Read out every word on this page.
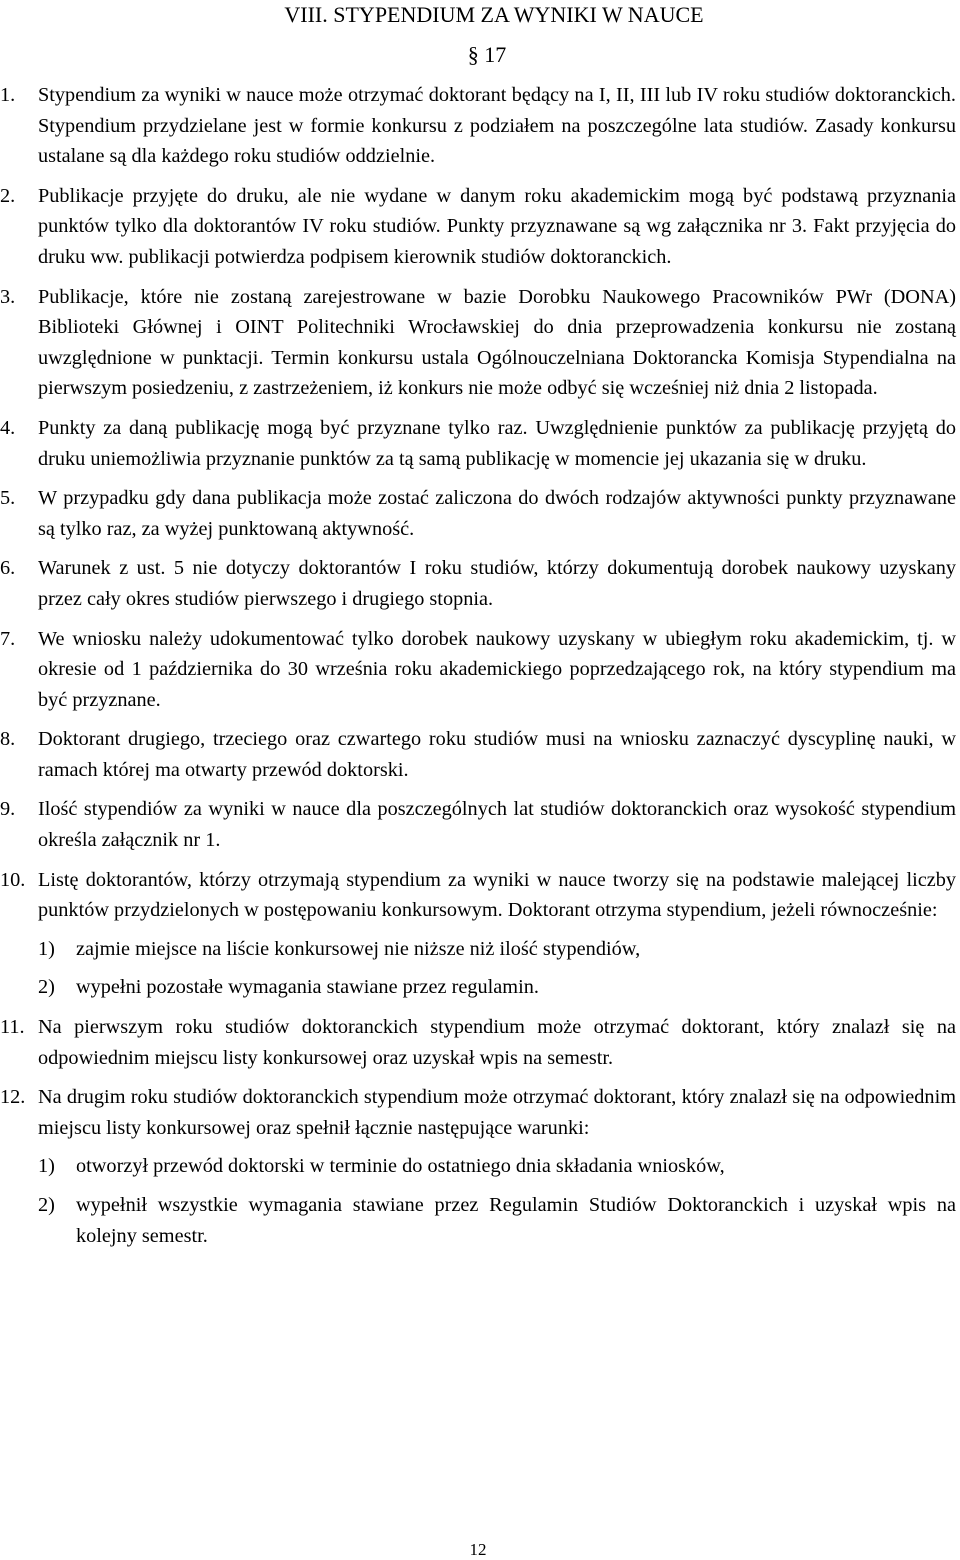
VIII. STYPENDIUM ZA WYNIKI W NAUCE
§ 17
1.	Stypendium za wyniki w nauce może otrzymać doktorant będący na I, II, III lub IV roku studiów doktoranckich. Stypendium przydzielane jest w formie konkursu z podziałem na poszczególne lata studiów. Zasady konkursu ustalane są dla każdego roku studiów oddzielnie.
2.	Publikacje przyjęte do druku, ale nie wydane w danym roku akademickim mogą być podstawą przyznania punktów tylko dla doktorantów IV roku studiów. Punkty przyznawane są wg załącznika nr 3. Fakt przyjęcia do druku ww. publikacji potwierdza podpisem kierownik studiów doktoranckich.
3.	Publikacje, które nie zostaną zarejestrowane w bazie Dorobku Naukowego Pracowników PWr (DONA) Biblioteki Głównej i OINT Politechniki Wrocławskiej do dnia przeprowadzenia konkursu nie zostaną uwzględnione w punktacji. Termin konkursu ustala Ogólnouczelniana Doktorancka Komisja Stypendialna na pierwszym posiedzeniu, z zastrzeżeniem, iż konkurs nie może odbyć się wcześniej niż dnia 2 listopada.
4.	Punkty za daną publikację mogą być przyznane tylko raz. Uwzględnienie punktów za publikację przyjętą do druku uniemożliwia przyznanie punktów za tą samą publikację w momencie jej ukazania się w druku.
5.	W przypadku gdy dana publikacja może zostać zaliczona do dwóch rodzajów aktywności punkty przyznawane są tylko raz, za wyżej punktowaną aktywność.
6.	Warunek z ust. 5 nie dotyczy doktorantów I roku studiów, którzy dokumentują dorobek naukowy uzyskany przez cały okres studiów pierwszego i drugiego stopnia.
7.	We wniosku należy udokumentować tylko dorobek naukowy uzyskany w ubiegłym roku akademickim, tj. w okresie od 1 października do 30 września roku akademickiego poprzedzającego rok, na który stypendium ma być przyznane.
8.	Doktorant drugiego, trzeciego oraz czwartego roku studiów musi na wniosku zaznaczyć dyscyplinę nauki, w ramach której ma otwarty przewód doktorski.
9.	Ilość stypendiów za wyniki w nauce dla poszczególnych lat studiów doktoranckich oraz wysokość stypendium określa załącznik nr 1.
10. Listę doktorantów, którzy otrzymają stypendium za wyniki w nauce tworzy się na podstawie malejącej liczby punktów przydzielonych w postępowaniu konkursowym. Doktorant otrzyma stypendium, jeżeli równocześnie:
1)	zajmie miejsce na liście konkursowej nie niższe niż ilość stypendiów,
2)	wypełni pozostałe wymagania stawiane przez regulamin.
11. Na pierwszym roku studiów doktoranckich stypendium może otrzymać doktorant, który znalazł się na odpowiednim miejscu listy konkursowej oraz uzyskał wpis na semestr.
12. Na drugim roku studiów doktoranckich stypendium może otrzymać doktorant, który znalazł się na odpowiednim miejscu listy konkursowej oraz spełnił łącznie następujące warunki:
1)	otworzył przewód doktorski w terminie do ostatniego dnia składania wniosków,
2)	wypełnił wszystkie wymagania stawiane przez Regulamin Studiów Doktoranckich i uzyskał wpis na kolejny semestr.
12
